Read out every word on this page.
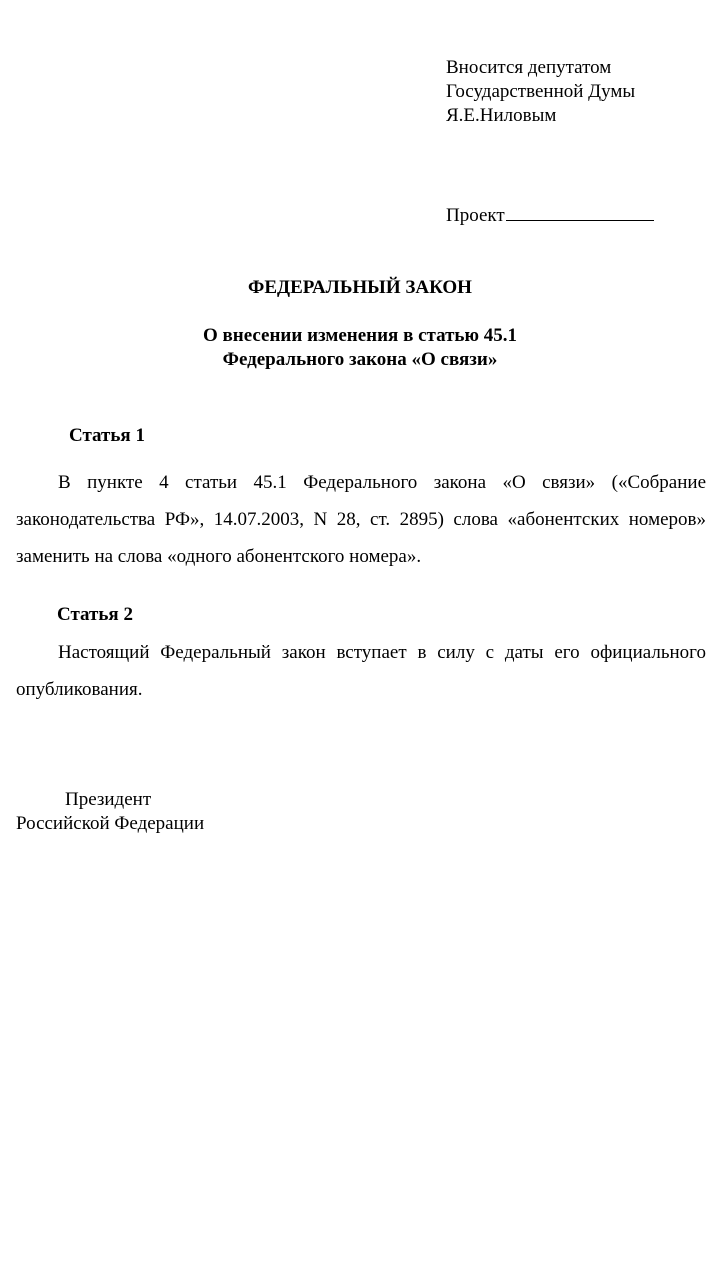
Вносится депутатом
Государственной Думы
Я.Е.Ниловым
Проект
ФЕДЕРАЛЬНЫЙ ЗАКОН
О внесении изменения в статью 45.1
Федерального закона «О связи»
Статья 1
В пункте 4 статьи 45.1 Федерального закона «О связи» («Собрание законодательства РФ», 14.07.2003, N 28, ст. 2895) слова «абонентских номеров» заменить на слова «одного абонентского номера».
Статья 2
Настоящий Федеральный закон вступает в силу с даты его официального опубликования.
Президент
Российской Федерации
